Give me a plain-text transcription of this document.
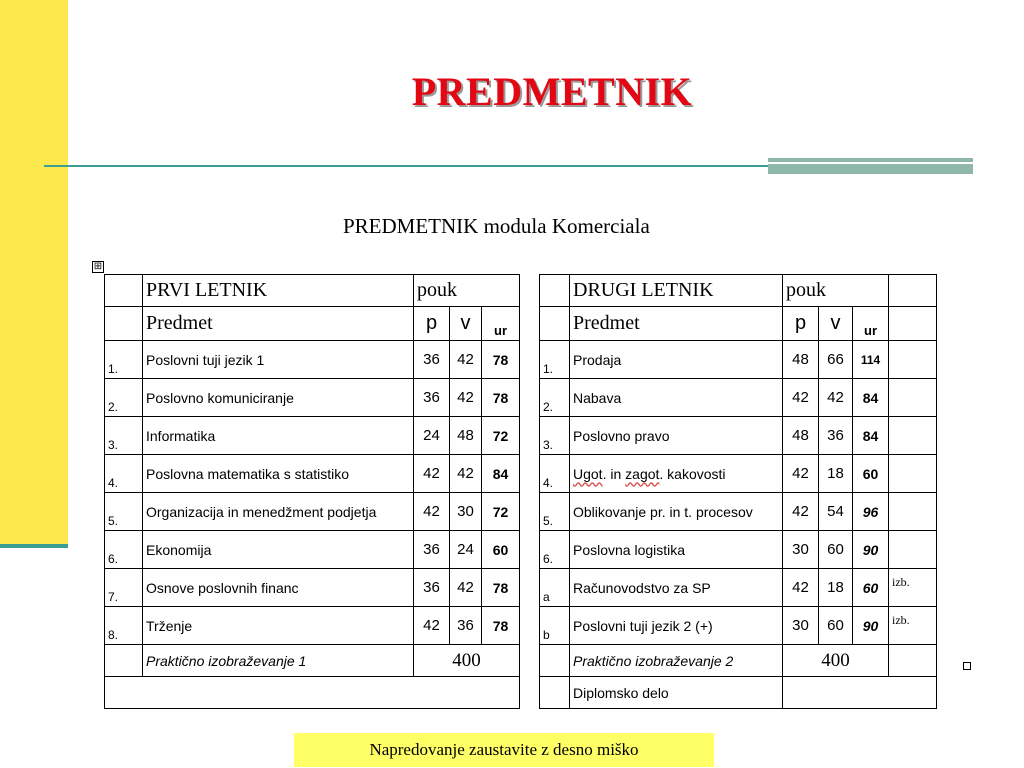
PREDMETNIK
PREDMETNIK modula Komerciala
⊞
	PRVI LETNIK	pouk					DRUGI LETNIK	pouk			
	Predmet	p	v	ur			Predmet	p	v	ur	
1.	Poslovni tuji jezik 1	36	42	78		1.	Prodaja	48	66	114	
2.	Poslovno komuniciranje	36	42	78		2.	Nabava	42	42	84	
3.	Informatika	24	48	72		3.	Poslovno pravo	48	36	84	
4.	Poslovna matematika s statistiko	42	42	84		4.	Ugot. in zagot. kakovosti	42	18	60	
5.	Organizacija in menedžment podjetja	42	30	72		5.	Oblikovanje pr. in t. procesov	42	54	96	
6.	Ekonomija	36	24	60		6.	Poslovna logistika	30	60	90	
7.	Osnove poslovnih financ	36	42	78		a	Računovodstvo za SP	42	18	60	izb.
8.	Trženje	42	36	78		b	Poslovni tuji jezik 2 (+)	30	60	90	izb.
	Praktično izobraževanje 1	400					Praktično izobraževanje 2	400			
							Diplomsko delo				
Napredovanje zaustavite z desno miško
